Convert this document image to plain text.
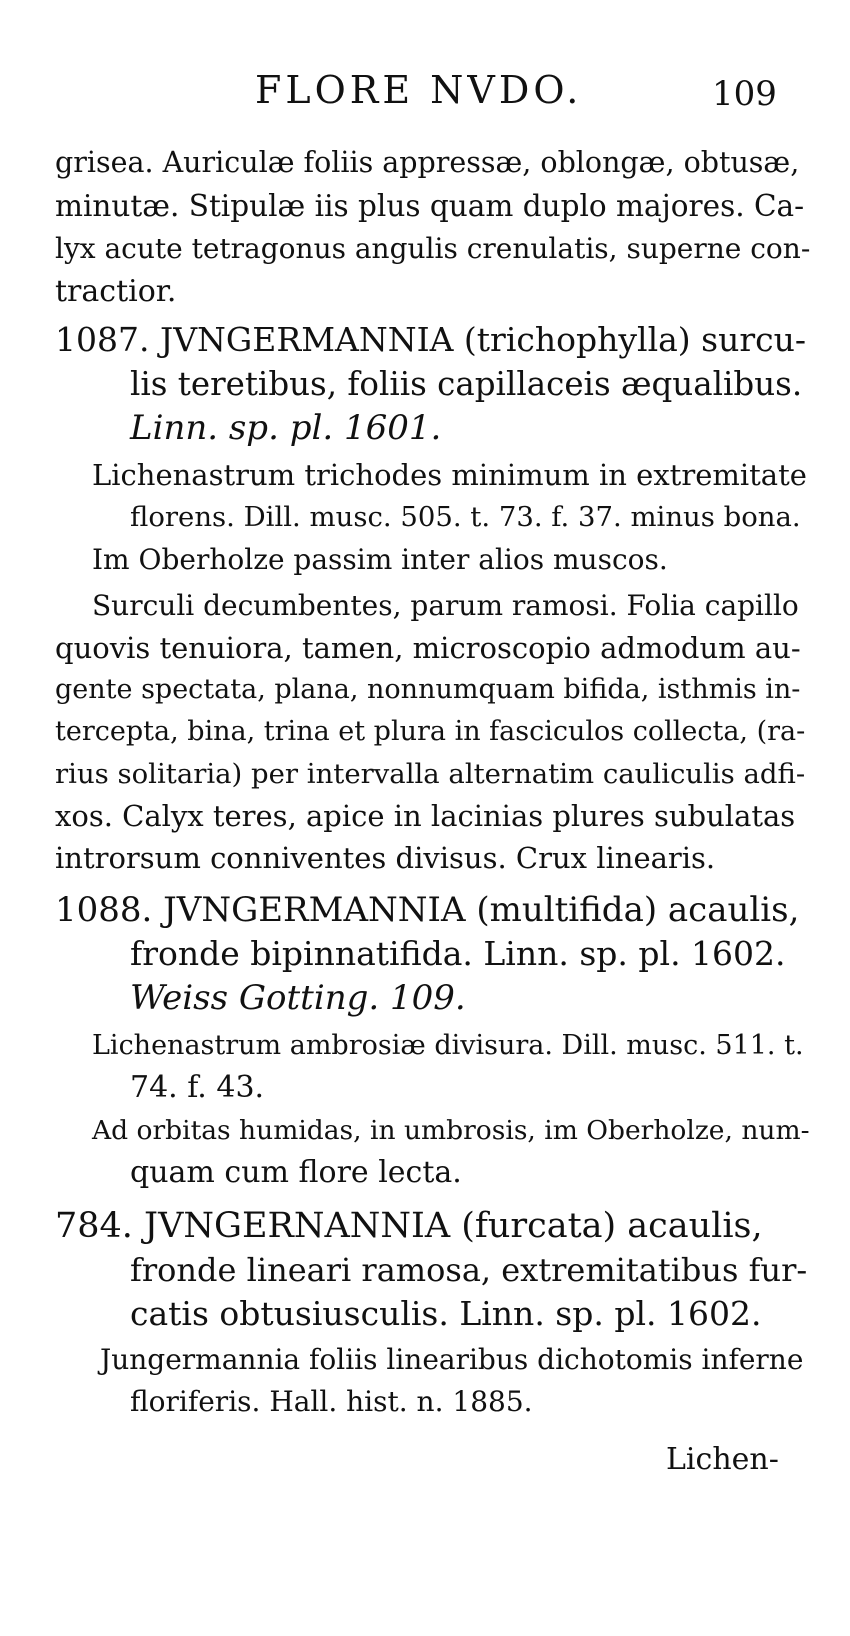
FLORE NVDO.	109
grisea. Auriculæ foliis appressæ, oblongæ, obtusæ,
minutæ. Stipulæ iis plus quam duplo majores. Ca-
lyx acute tetragonus angulis crenulatis, superne con-
tractior.
1087. JVNGERMANNIA (trichophylla) surcu-
lis teretibus, foliis capillaceis æqualibus.
Linn. sp. pl. 1601.
Lichenastrum trichodes minimum in extremitate
florens. Dill. musc. 505. t. 73. f. 37. minus bona.
Im Oberholze passim inter alios muscos.
Surculi decumbentes, parum ramosi. Folia capillo
quovis tenuiora, tamen, microscopio admodum au-
gente spectata, plana, nonnumquam bifida, isthmis in-
tercepta, bina, trina et plura in fasciculos collecta, (ra-
rius solitaria) per intervalla alternatim cauliculis adfi-
xos. Calyx teres, apice in lacinias plures subulatas
introrsum conniventes divisus. Crux linearis.
1088. JVNGERMANNIA (multifida) acaulis,
fronde bipinnatifida. Linn. sp. pl. 1602.
Weiss Gotting. 109.
Lichenastrum ambrosiæ divisura. Dill. musc. 511. t.
74. f. 43.
Ad orbitas humidas, in umbrosis, im Oberholze, num-
quam cum flore lecta.
784. JVNGERNANNIA (furcata) acaulis,
fronde lineari ramosa, extremitatibus fur-
catis obtusiusculis. Linn. sp. pl. 1602.
Jungermannia foliis linearibus dichotomis inferne
floriferis. Hall. hist. n. 1885.
Lichen-
